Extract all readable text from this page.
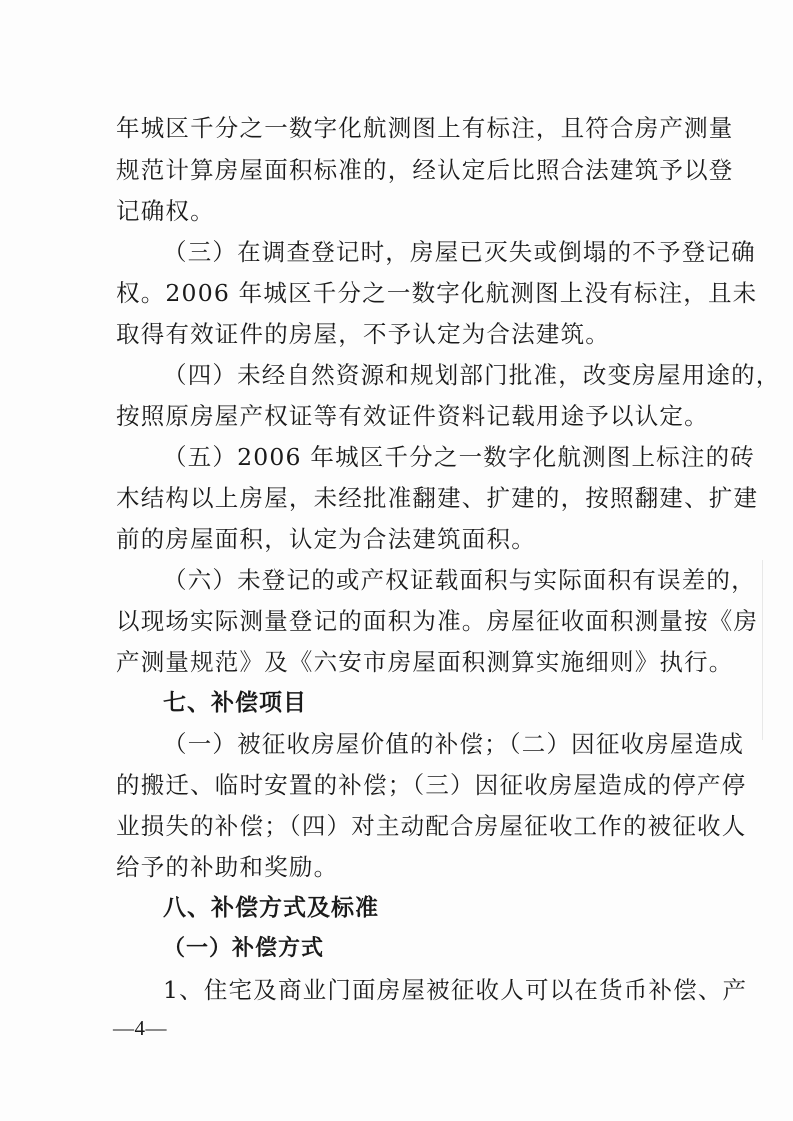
年城区千分之一数字化航测图上有标注，且符合房产测量
规范计算房屋面积标准的，经认定后比照合法建筑予以登
记确权。
（三）在调查登记时，房屋已灭失或倒塌的不予登记确
权。2006 年城区千分之一数字化航测图上没有标注，且未
取得有效证件的房屋，不予认定为合法建筑。
（四）未经自然资源和规划部门批准，改变房屋用途的，
按照原房屋产权证等有效证件资料记载用途予以认定。
（五）2006 年城区千分之一数字化航测图上标注的砖
木结构以上房屋，未经批准翻建、扩建的，按照翻建、扩建
前的房屋面积，认定为合法建筑面积。
（六）未登记的或产权证载面积与实际面积有误差的，
以现场实际测量登记的面积为准。房屋征收面积测量按《房
产测量规范》及《六安市房屋面积测算实施细则》执行。
七、补偿项目
（一）被征收房屋价值的补偿；（二）因征收房屋造成
的搬迁、临时安置的补偿；（三）因征收房屋造成的停产停
业损失的补偿；（四）对主动配合房屋征收工作的被征收人
给予的补助和奖励。
八、补偿方式及标准
（一）补偿方式
1、住宅及商业门面房屋被征收人可以在货币补偿、产
—4—
